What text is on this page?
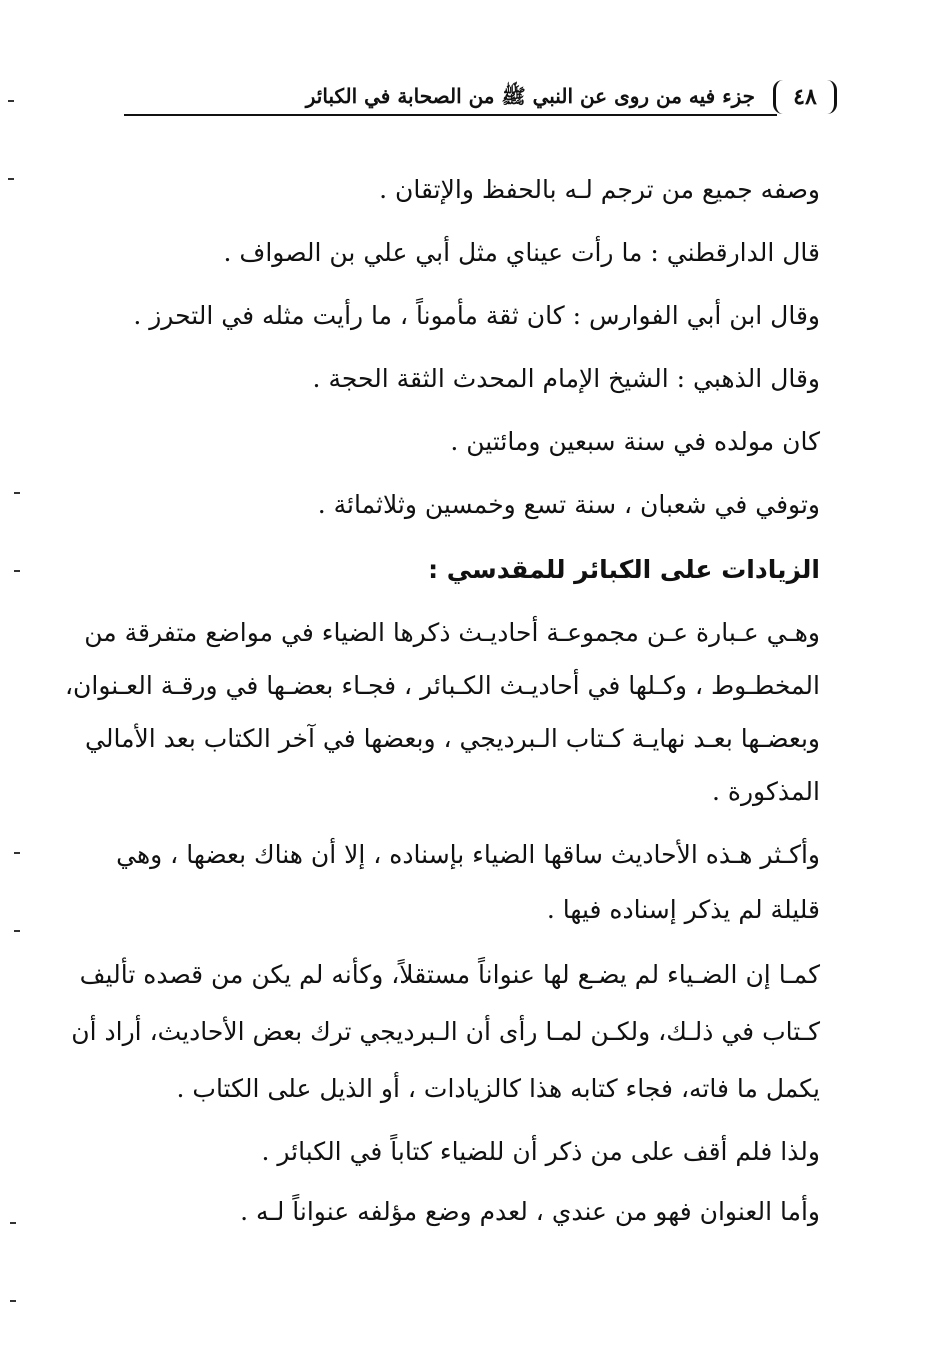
٤٨
جزء فيه من روى عن النبي ﷺ من الصحابة في الكبائر
وصفه جميع من ترجم لـه بالحفظ والإتقان .
قال الدارقطني : ما رأت عيناي مثل أبي علي بن الصواف .
وقال ابن أبي الفوارس : كان ثقة مأموناً ، ما رأيت مثله في التحرز .
وقال الذهبي : الشيخ الإمام المحدث الثقة الحجة .
كان مولده في سنة سبعين ومائتين .
وتوفي في شعبان ، سنة تسع وخمسين وثلاثمائة .
الزيادات على الكبائر للمقدسي :
وهـي عـبارة عـن مجموعـة أحاديـث ذكرها الضياء في مواضع متفرقة من
المخطـوط ، وكـلها في أحاديـث الكـبائر ، فجـاء بعضـها في ورقـة العـنوان،
وبعضـها بعـد نهايـة كـتاب الـبرديجي ، وبعضها في آخر الكتاب بعد الأمالي
المذكورة .
وأكـثر هـذه الأحاديث ساقها الضياء بإسناده ، إلا أن هناك بعضها ، وهي
قليلة لم يذكر إسناده فيها .
كمـا إن الضـياء لم يضـع لها عنواناً مستقلاً، وكأنه لم يكن من قصده تأليف
كـتاب في ذلـك، ولكـن لمـا رأى أن الـبرديجي ترك بعض الأحاديث، أراد أن
يكمل ما فاته، فجاء كتابه هذا كالزيادات ، أو الذيل على الكتاب .
ولذا فلم أقف على من ذكر أن للضياء كتاباً في الكبائر .
وأما العنوان فهو من عندي ، لعدم وضع مؤلفه عنواناً لـه .
